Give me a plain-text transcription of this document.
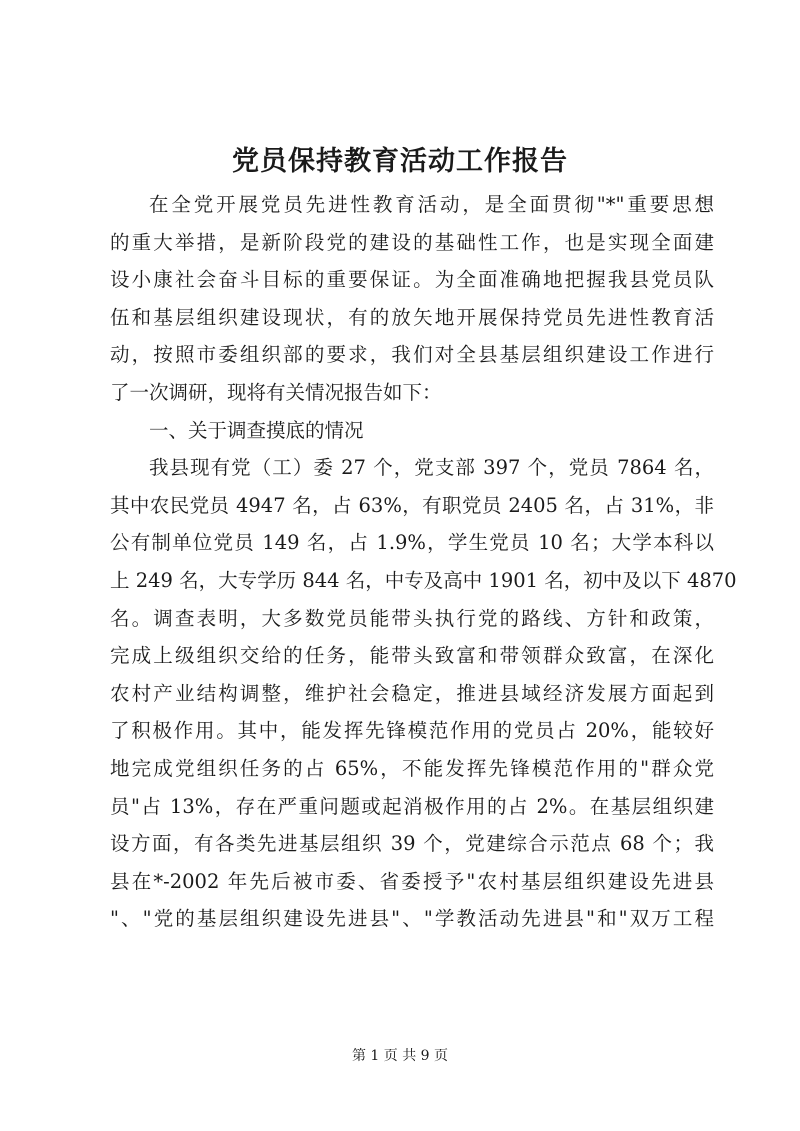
党员保持教育活动工作报告
在全党开展党员先进性教育活动，是全面贯彻"*"重要思想
的重大举措，是新阶段党的建设的基础性工作，也是实现全面建
设小康社会奋斗目标的重要保证。为全面准确地把握我县党员队
伍和基层组织建设现状，有的放矢地开展保持党员先进性教育活
动，按照市委组织部的要求，我们对全县基层组织建设工作进行
了一次调研，现将有关情况报告如下：
一、关于调查摸底的情况
我县现有党（工）委 27 个，党支部 397 个，党员 7864 名，
其中农民党员 4947 名，占 63%，有职党员 2405 名，占 31%，非
公有制单位党员 149 名，占 1.9%，学生党员 10 名；大学本科以
上 249 名，大专学历 844 名，中专及高中 1901 名，初中及以下 4870
名。调查表明，大多数党员能带头执行党的路线、方针和政策，
完成上级组织交给的任务，能带头致富和带领群众致富，在深化
农村产业结构调整，维护社会稳定，推进县域经济发展方面起到
了积极作用。其中，能发挥先锋模范作用的党员占 20%，能较好
地完成党组织任务的占 65%，不能发挥先锋模范作用的"群众党
员"占 13%，存在严重问题或起消极作用的占 2%。在基层组织建
设方面，有各类先进基层组织 39 个，党建综合示范点 68 个；我
县在*-2002 年先后被市委、省委授予"农村基层组织建设先进县
"、"党的基层组织建设先进县"、"学教活动先进县"和"双万工程
第 1 页 共 9 页
